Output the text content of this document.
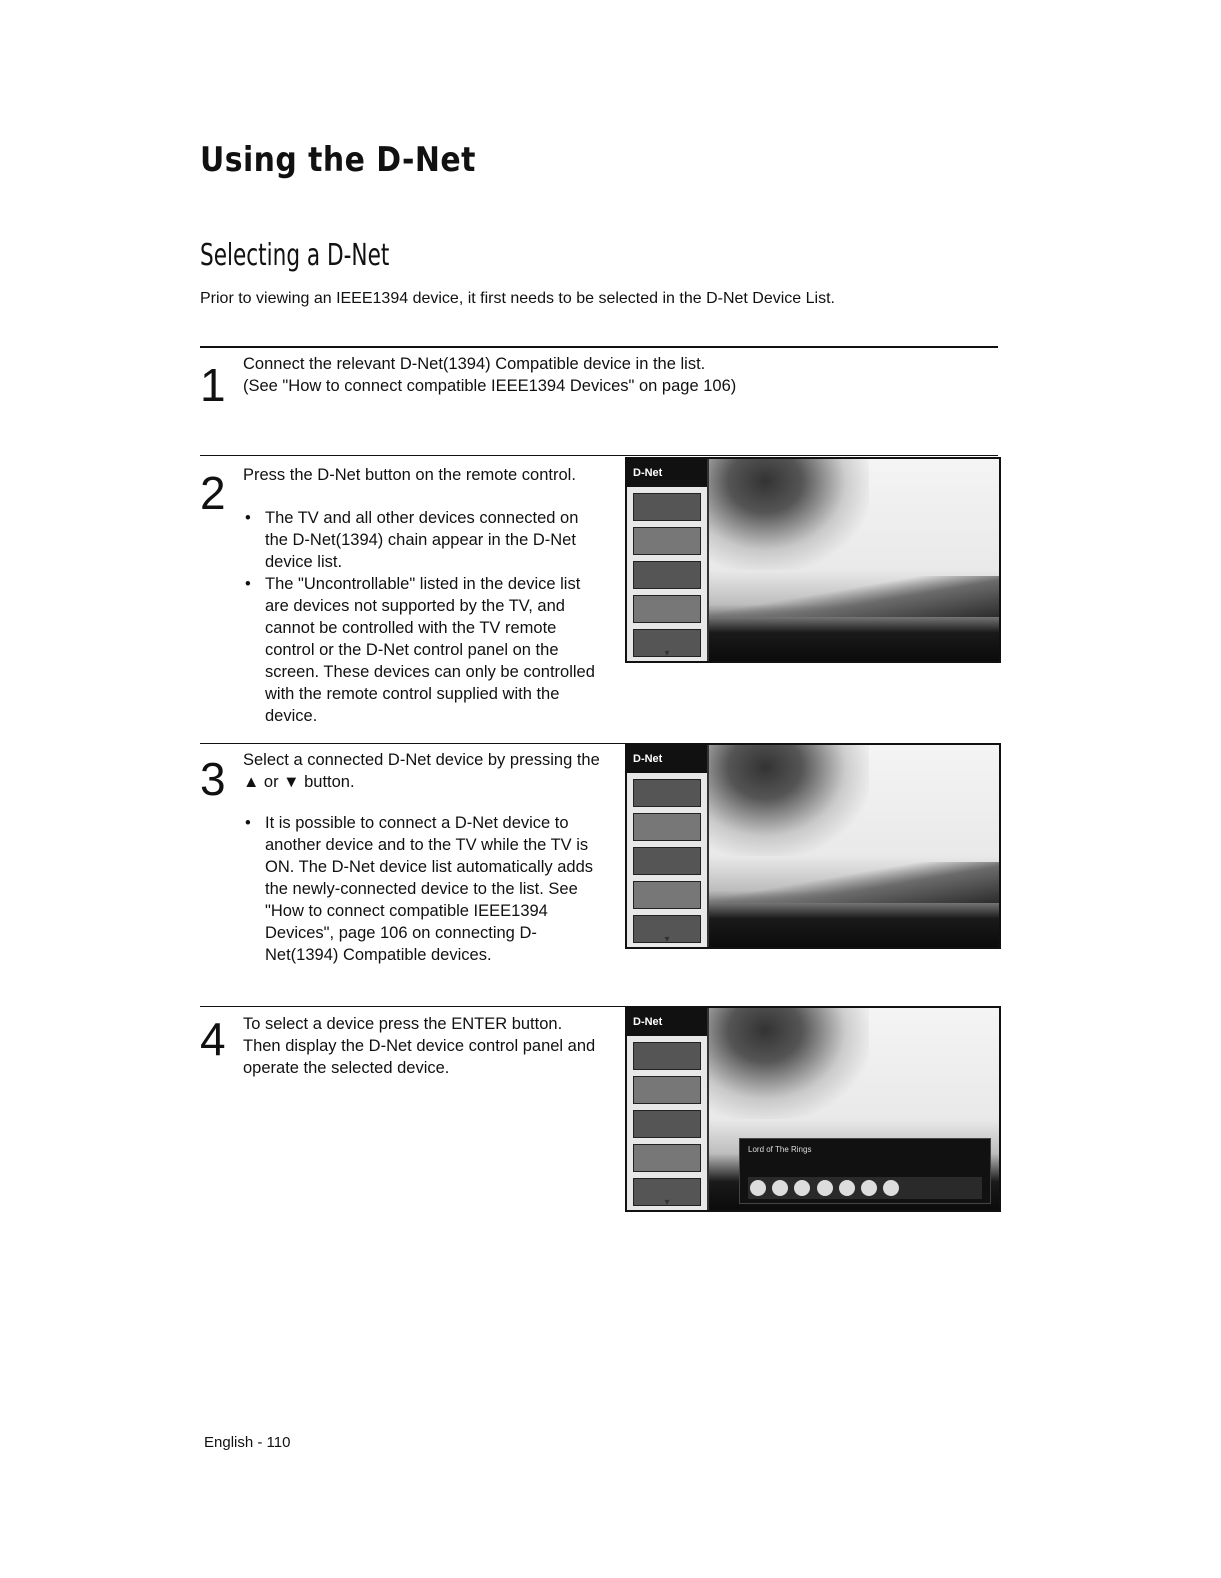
Using the D-Net
Selecting a D-Net
Prior to viewing an IEEE1394 device, it first needs to be selected in the D-Net Device List.
1 Connect the relevant D-Net(1394) Compatible device in the list.
(See "How to connect compatible IEEE1394 Devices" on page 106)
2 Press the D-Net button on the remote control.
• The TV and all other devices connected on the D-Net(1394) chain appear in the D-Net device list.
• The "Uncontrollable" listed in the device list are devices not supported by the TV, and cannot be controlled with the TV remote control or the D-Net control panel on the screen. These devices can only be controlled with the remote control supplied with the device.
D-Net
▾
3 Select a connected D-Net device by pressing the ▲ or ▼ button.
• It is possible to connect a D-Net device to another device and to the TV while the TV is ON. The D-Net device list automatically adds the newly-connected device to the list. See "How to connect compatible IEEE1394 Devices", page 106 on connecting D-Net(1394) Compatible devices.
D-Net
▾
4 To select a device press the ENTER button. Then display the D-Net device control panel and operate the selected device.
D-Net
▾
Lord of The Rings

English - 110
